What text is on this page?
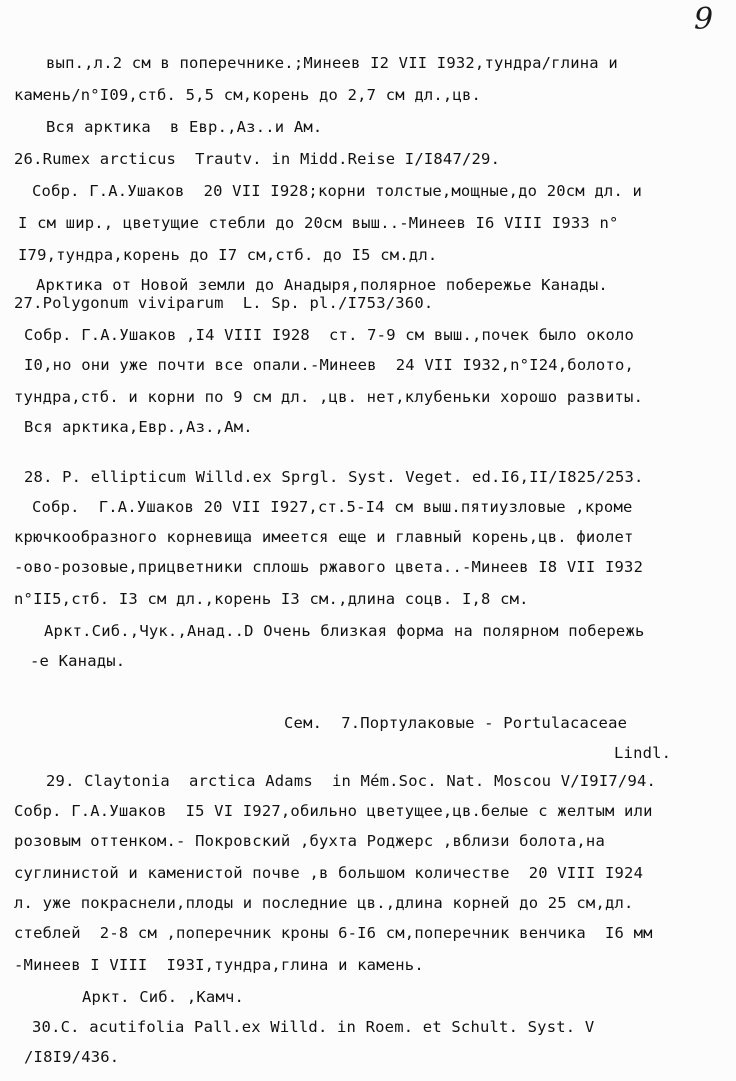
9
вып.,л.2 см в поперечнике.;Минеев I2 VII I932,тундра/глина и
камень/n°I09,стб. 5,5 см,корень до 2,7 см дл.,цв.
Вся арктика  в Евр.,Аз..и Ам.
26.Rumex arcticus  Trautv. in Midd.Reise I/I847/29.
Собр. Г.А.Ушаков  20 VII I928;корни толстые,мощные,до 20см дл. и
I см шир., цветущие стебли до 20см выш..-Минеев I6 VIII I933 n°
I79,тундра,корень до I7 см,стб. до I5 см.дл.
Арктика от Новой земли до Анадыря,полярное побережье Канады.
27.Polygonum viviparum  L. Sp. pl./I753/360.
Собр. Г.А.Ушаков ,I4 VIII I928  ст. 7-9 см выш.,почек было около
I0,но они уже почти все опали.-Минеев  24 VII I932,n°I24,болото,
тундра,стб. и корни по 9 см дл. ,цв. нет,клубеньки хорошо развиты.
Вся арктика,Евр.,Аз.,Ам.
28. P. ellipticum Willd.ex Sprgl. Syst. Veget. ed.I6,II/I825/253.
Собр.  Г.А.Ушаков 20 VII I927,ст.5-I4 см выш.пятиузловые ,кроме
крючкообразного корневища имеется еще и главный корень,цв. фиолет
-ово-розовые,прицветники сплошь ржавого цвета..-Минеев I8 VII I932
n°II5,стб. I3 см дл.,корень I3 см.,длина соцв. I,8 см.
Аркт.Сиб.,Чук.,Анад..D Очень близкая форма на полярном побережь
-е Канады.
Сем.  7.Портулаковые - Portulacaceae
Lindl.
29. Claytonia  arctica Adams  in Mém.Soc. Nat. Moscou V/I9I7/94.
Собр. Г.А.Ушаков  I5 VI I927,обильно цветущее,цв.белые с желтым или
розовым оттенком.- Покровский ,бухта Роджерс ,вблизи болота,на
суглинистой и каменистой почве ,в большом количестве  20 VIII I924
л. уже покраснели,плоды и последние цв.,длина корней до 25 см,дл.
стеблей  2-8 см ,поперечник кроны 6-I6 см,поперечник венчика  I6 мм
-Минеев I VIII  I93I,тундра,глина и камень.
Аркт. Сиб. ,Камч.
30.C. acutifolia Pall.ex Willd. in Roem. et Schult. Syst. V
/I8I9/436.
